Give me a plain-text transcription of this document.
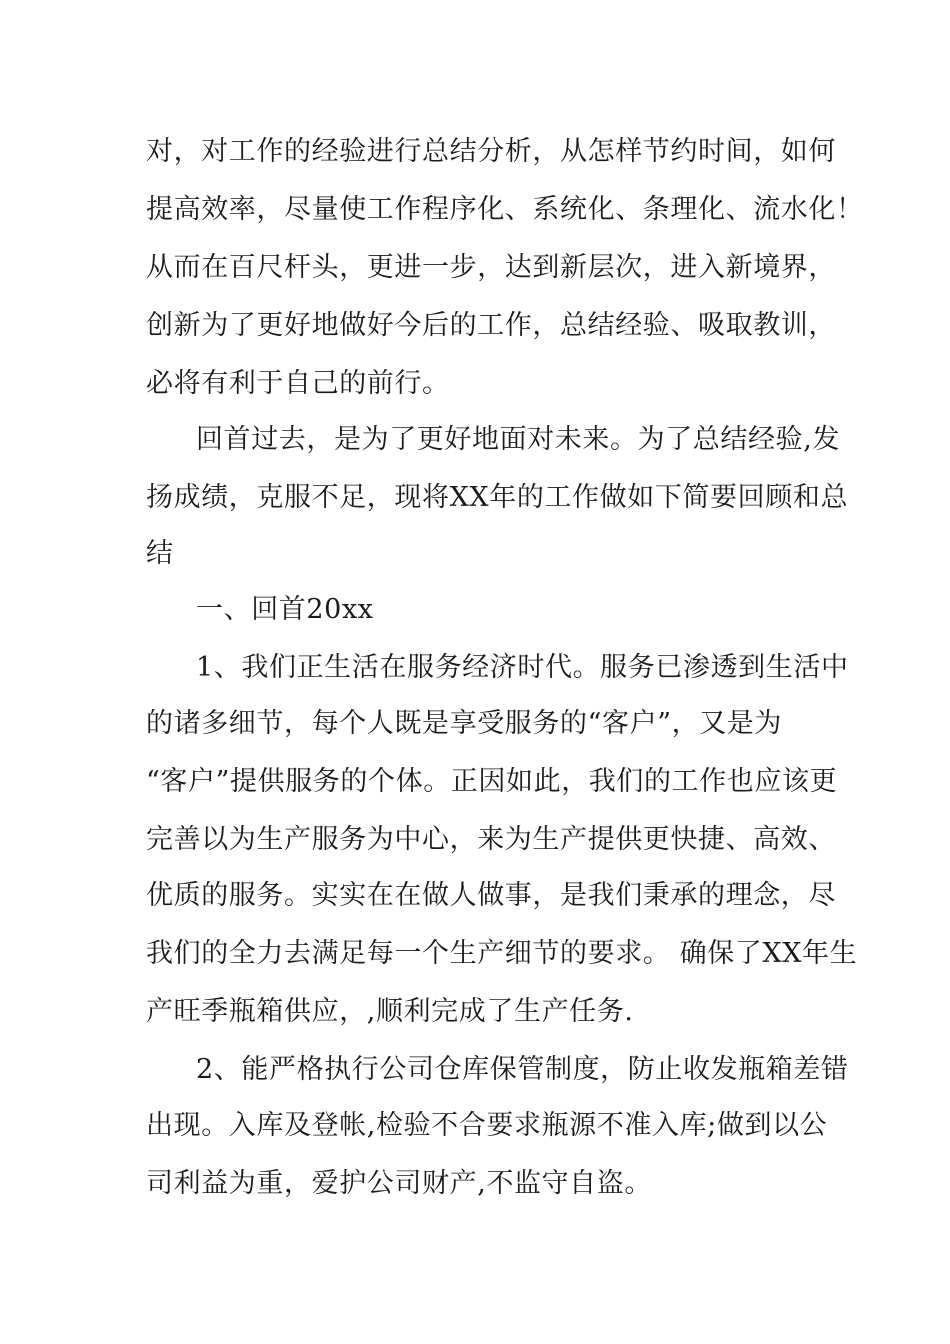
对，对工作的经验进行总结分析，从怎样节约时间，如何
提高效率，尽量使工作程序化、系统化、条理化、流水化！
从而在百尺杆头，更进一步，达到新层次，进入新境界，
创新为了更好地做好今后的工作，总结经验、吸取教训，
必将有利于自己的前行。
回首过去，是为了更好地面对未来。为了总结经验,发
扬成绩，克服不足，现将XX年的工作做如下简要回顾和总
结
一、回首20xx
1、我们正生活在服务经济时代。服务已渗透到生活中
的诸多细节，每个人既是享受服务的“客户”，又是为
“客户”提供服务的个体。正因如此，我们的工作也应该更
完善以为生产服务为中心，来为生产提供更快捷、高效、
优质的服务。实实在在做人做事，是我们秉承的理念，尽
我们的全力去满足每一个生产细节的要求。 确保了XX年生
产旺季瓶箱供应，,顺利完成了生产任务.
2、能严格执行公司仓库保管制度，防止收发瓶箱差错
出现。入库及登帐,检验不合要求瓶源不准入库;做到以公
司利益为重，爱护公司财产,不监守自盗。
